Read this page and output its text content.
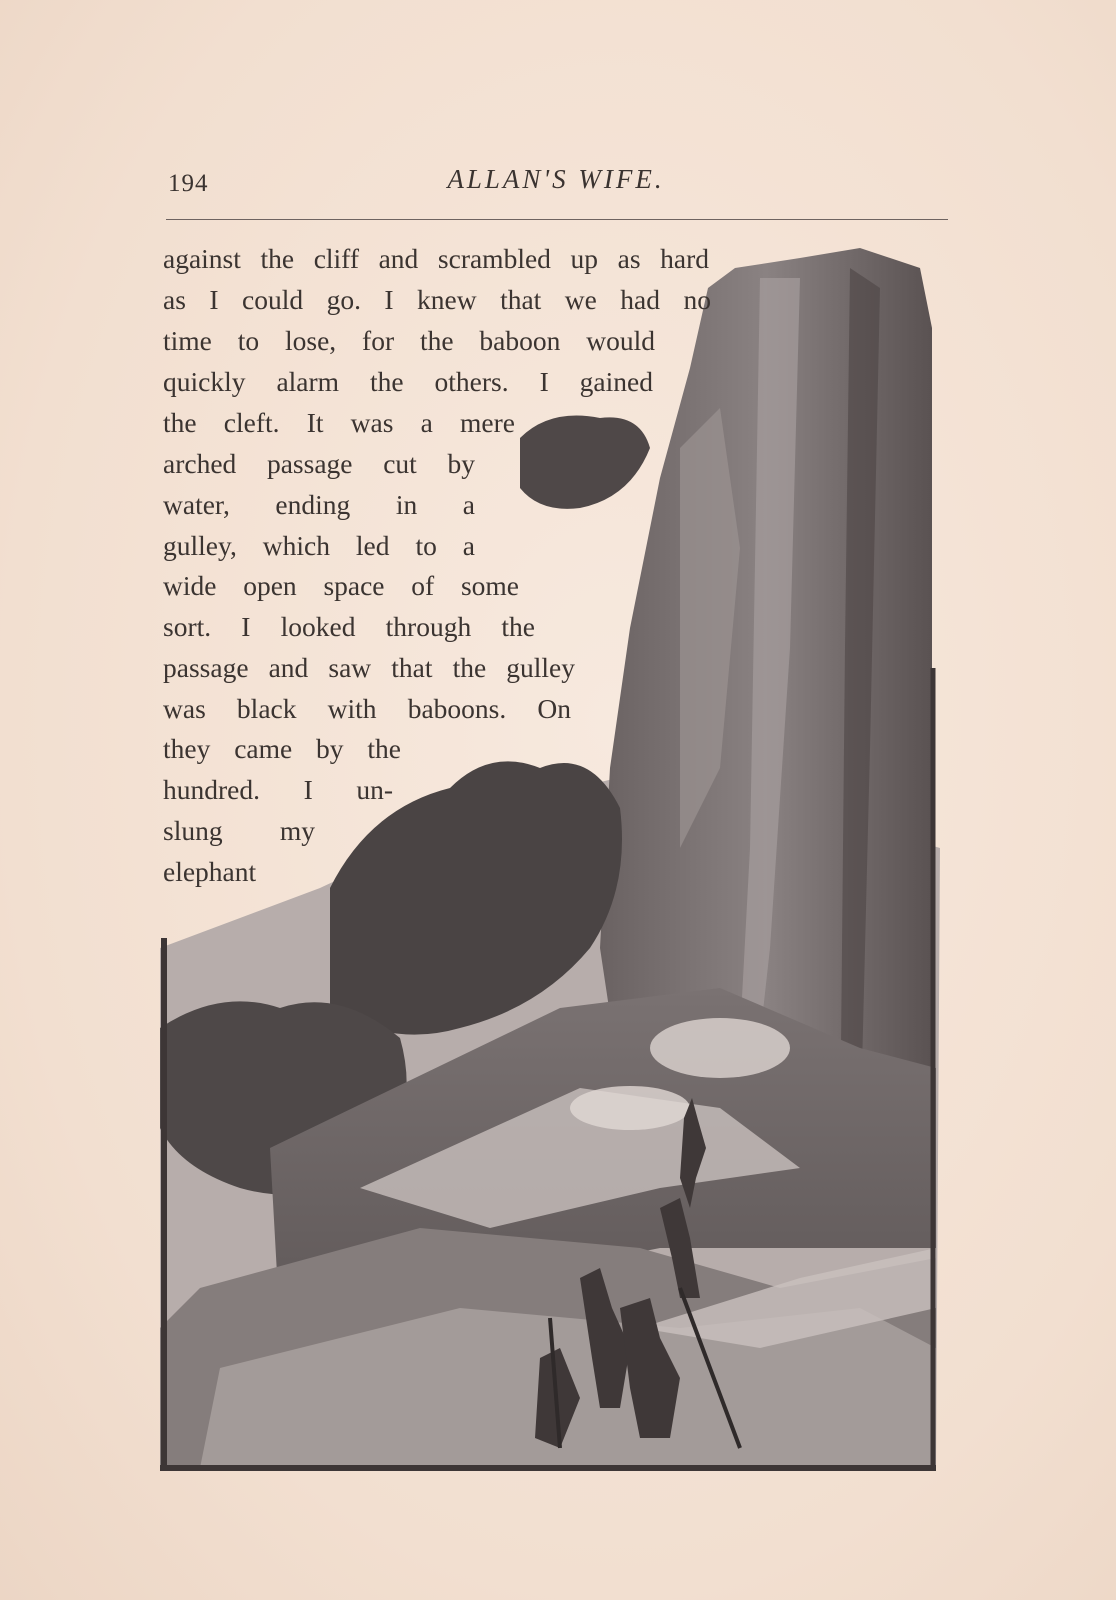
194	ALLAN'S WIFE.
against the cliff and scrambled up as hard
as I could go. I knew that we had no
time to lose, for the baboon would
quickly alarm the others. I gained
the cleft. It was a mere
arched passage cut by
water, ending in a
gulley, which led to a
wide open space of some
sort. I looked through the
passage and saw that the gulley
was black with baboons. On
they came by the
hundred. I un-
slung my
elephant
